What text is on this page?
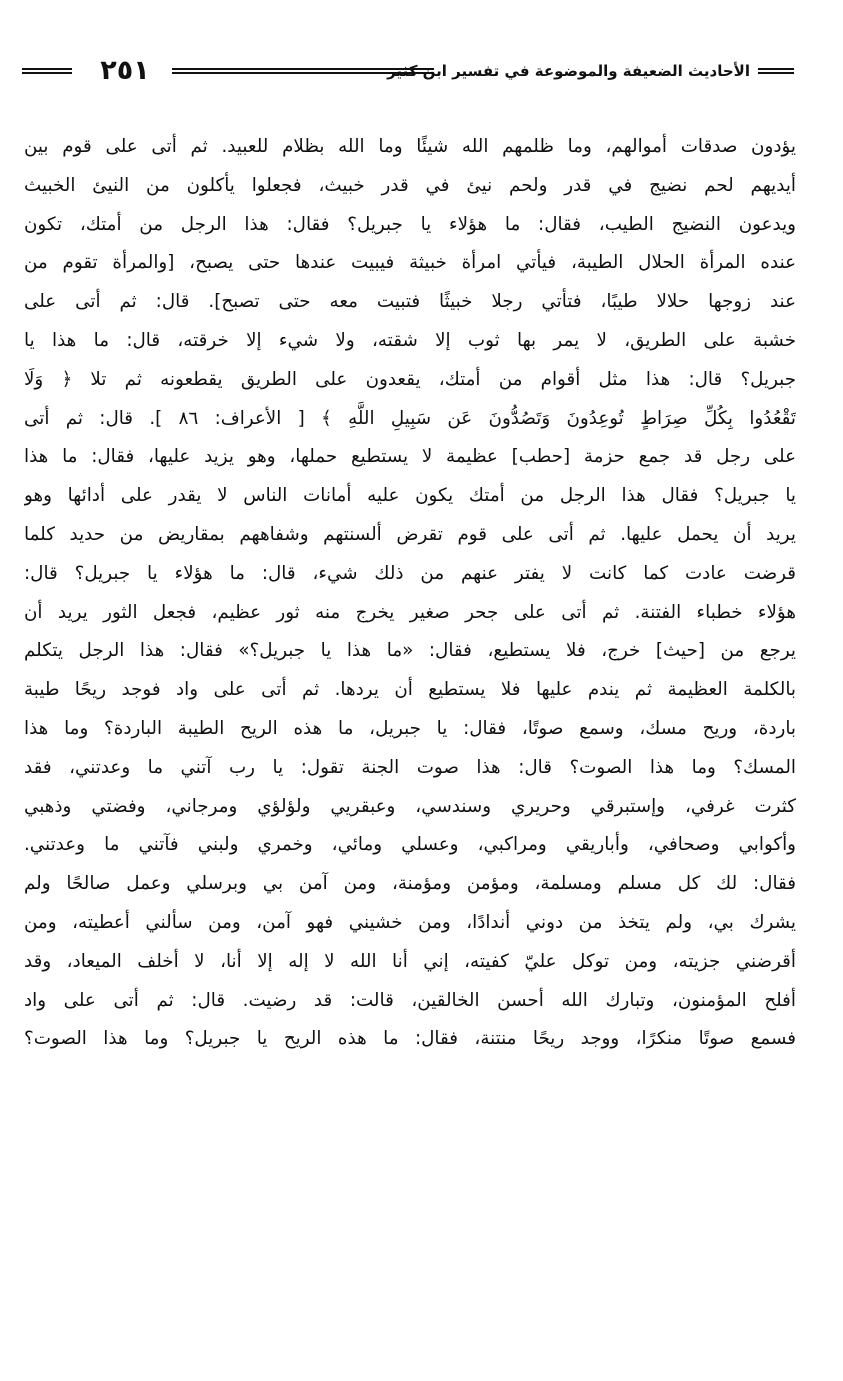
٢٥١	الأحاديث الضعيفة والموضوعة في تفسير ابن كثير
يؤدون صدقات أموالهم، وما ظلمهم الله شيئًا وما الله بظلام للعبيد. ثم أتى على قوم بين
أيديهم لحم نضيج في قدر ولحم نيئ في قدر خبيث، فجعلوا يأكلون من النيئ الخبيث
ويدعون النضيج الطيب، فقال: ما هؤلاء يا جبريل؟ فقال: هذا الرجل من أمتك، تكون
عنده المرأة الحلال الطيبة، فيأتي امرأة خبيثة فيبيت عندها حتى يصبح، [والمرأة تقوم من
عند زوجها حلالا طيبًا، فتأتي رجلا خبيثًا فتبيت معه حتى تصبح]. قال: ثم أتى على
خشبة على الطريق، لا يمر بها ثوب إلا شقته، ولا شيء إلا خرقته، قال: ما هذا يا
جبريل؟ قال: هذا مثل أقوام من أمتك، يقعدون على الطريق يقطعونه ثم تلا ﴿ وَلَا
تَقْعُدُوا بِكُلِّ صِرَاطٍ تُوعِدُونَ وَتَصُدُّونَ عَن سَبِيلِ اللَّهِ ﴾ [ الأعراف: ٨٦ ]. قال: ثم أتى
على رجل قد جمع حزمة [حطب] عظيمة لا يستطيع حملها، وهو يزيد عليها، فقال: ما هذا
يا جبريل؟ فقال هذا الرجل من أمتك يكون عليه أمانات الناس لا يقدر على أدائها وهو
يريد أن يحمل عليها. ثم أتى على قوم تقرض ألسنتهم وشفاههم بمقاريض من حديد كلما
قرضت عادت كما كانت لا يفتر عنهم من ذلك شيء، قال: ما هؤلاء يا جبريل؟ قال:
هؤلاء خطباء الفتنة. ثم أتى على جحر صغير يخرج منه ثور عظيم، فجعل الثور يريد أن
يرجع من [حيث] خرج، فلا يستطيع، فقال: «ما هذا يا جبريل؟» فقال: هذا الرجل يتكلم
بالكلمة العظيمة ثم يندم عليها فلا يستطيع أن يردها. ثم أتى على واد فوجد ريحًا طيبة
باردة، وريح مسك، وسمع صوتًا، فقال: يا جبريل، ما هذه الريح الطيبة الباردة؟ وما هذا
المسك؟ وما هذا الصوت؟ قال: هذا صوت الجنة تقول: يا رب آتني ما وعدتني، فقد
كثرت غرفي، وإستبرقي وحريري وسندسي، وعبقريي ولؤلؤي ومرجاني، وفضتي وذهبي
وأكوابي وصحافي، وأباريقي ومراكبي، وعسلي ومائي، وخمري ولبني فآتني ما وعدتني.
فقال: لك كل مسلم ومسلمة، ومؤمن ومؤمنة، ومن آمن بي وبرسلي وعمل صالحًا ولم
يشرك بي، ولم يتخذ من دوني أندادًا، ومن خشيني فهو آمن، ومن سألني أعطيته، ومن
أقرضني جزيته، ومن توكل عليّ كفيته، إني أنا الله لا إله إلا أنا، لا أخلف الميعاد، وقد
أفلح المؤمنون، وتبارك الله أحسن الخالقين، قالت: قد رضيت. قال: ثم أتى على واد
فسمع صوتًا منكرًا، ووجد ريحًا منتنة، فقال: ما هذه الريح يا جبريل؟ وما هذا الصوت؟
